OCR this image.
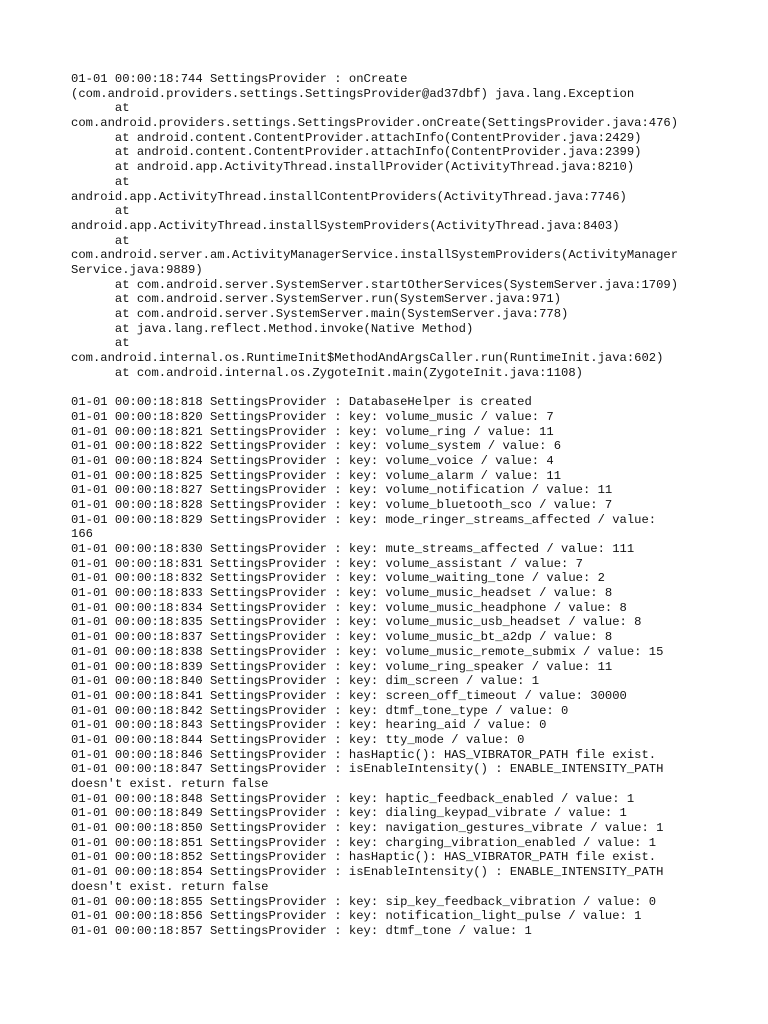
01-01 00:00:18:744 SettingsProvider : onCreate
(com.android.providers.settings.SettingsProvider@ad37dbf) java.lang.Exception
at
com.android.providers.settings.SettingsProvider.onCreate(SettingsProvider.java:476)
at android.content.ContentProvider.attachInfo(ContentProvider.java:2429)
at android.content.ContentProvider.attachInfo(ContentProvider.java:2399)
at android.app.ActivityThread.installProvider(ActivityThread.java:8210)
at
android.app.ActivityThread.installContentProviders(ActivityThread.java:7746)
at
android.app.ActivityThread.installSystemProviders(ActivityThread.java:8403)
at
com.android.server.am.ActivityManagerService.installSystemProviders(ActivityManager
Service.java:9889)
at com.android.server.SystemServer.startOtherServices(SystemServer.java:1709)
at com.android.server.SystemServer.run(SystemServer.java:971)
at com.android.server.SystemServer.main(SystemServer.java:778)
at java.lang.reflect.Method.invoke(Native Method)
at
com.android.internal.os.RuntimeInit$MethodAndArgsCaller.run(RuntimeInit.java:602)
at com.android.internal.os.ZygoteInit.main(ZygoteInit.java:1108)
01-01 00:00:18:818 SettingsProvider : DatabaseHelper is created
01-01 00:00:18:820 SettingsProvider : key: volume_music / value: 7
01-01 00:00:18:821 SettingsProvider : key: volume_ring / value: 11
01-01 00:00:18:822 SettingsProvider : key: volume_system / value: 6
01-01 00:00:18:824 SettingsProvider : key: volume_voice / value: 4
01-01 00:00:18:825 SettingsProvider : key: volume_alarm / value: 11
01-01 00:00:18:827 SettingsProvider : key: volume_notification / value: 11
01-01 00:00:18:828 SettingsProvider : key: volume_bluetooth_sco / value: 7
01-01 00:00:18:829 SettingsProvider : key: mode_ringer_streams_affected / value:
166
01-01 00:00:18:830 SettingsProvider : key: mute_streams_affected / value: 111
01-01 00:00:18:831 SettingsProvider : key: volume_assistant / value: 7
01-01 00:00:18:832 SettingsProvider : key: volume_waiting_tone / value: 2
01-01 00:00:18:833 SettingsProvider : key: volume_music_headset / value: 8
01-01 00:00:18:834 SettingsProvider : key: volume_music_headphone / value: 8
01-01 00:00:18:835 SettingsProvider : key: volume_music_usb_headset / value: 8
01-01 00:00:18:837 SettingsProvider : key: volume_music_bt_a2dp / value: 8
01-01 00:00:18:838 SettingsProvider : key: volume_music_remote_submix / value: 15
01-01 00:00:18:839 SettingsProvider : key: volume_ring_speaker / value: 11
01-01 00:00:18:840 SettingsProvider : key: dim_screen / value: 1
01-01 00:00:18:841 SettingsProvider : key: screen_off_timeout / value: 30000
01-01 00:00:18:842 SettingsProvider : key: dtmf_tone_type / value: 0
01-01 00:00:18:843 SettingsProvider : key: hearing_aid / value: 0
01-01 00:00:18:844 SettingsProvider : key: tty_mode / value: 0
01-01 00:00:18:846 SettingsProvider : hasHaptic(): HAS_VIBRATOR_PATH file exist.
01-01 00:00:18:847 SettingsProvider : isEnableIntensity() : ENABLE_INTENSITY_PATH
doesn't exist. return false
01-01 00:00:18:848 SettingsProvider : key: haptic_feedback_enabled / value: 1
01-01 00:00:18:849 SettingsProvider : key: dialing_keypad_vibrate / value: 1
01-01 00:00:18:850 SettingsProvider : key: navigation_gestures_vibrate / value: 1
01-01 00:00:18:851 SettingsProvider : key: charging_vibration_enabled / value: 1
01-01 00:00:18:852 SettingsProvider : hasHaptic(): HAS_VIBRATOR_PATH file exist.
01-01 00:00:18:854 SettingsProvider : isEnableIntensity() : ENABLE_INTENSITY_PATH
doesn't exist. return false
01-01 00:00:18:855 SettingsProvider : key: sip_key_feedback_vibration / value: 0
01-01 00:00:18:856 SettingsProvider : key: notification_light_pulse / value: 1
01-01 00:00:18:857 SettingsProvider : key: dtmf_tone / value: 1
